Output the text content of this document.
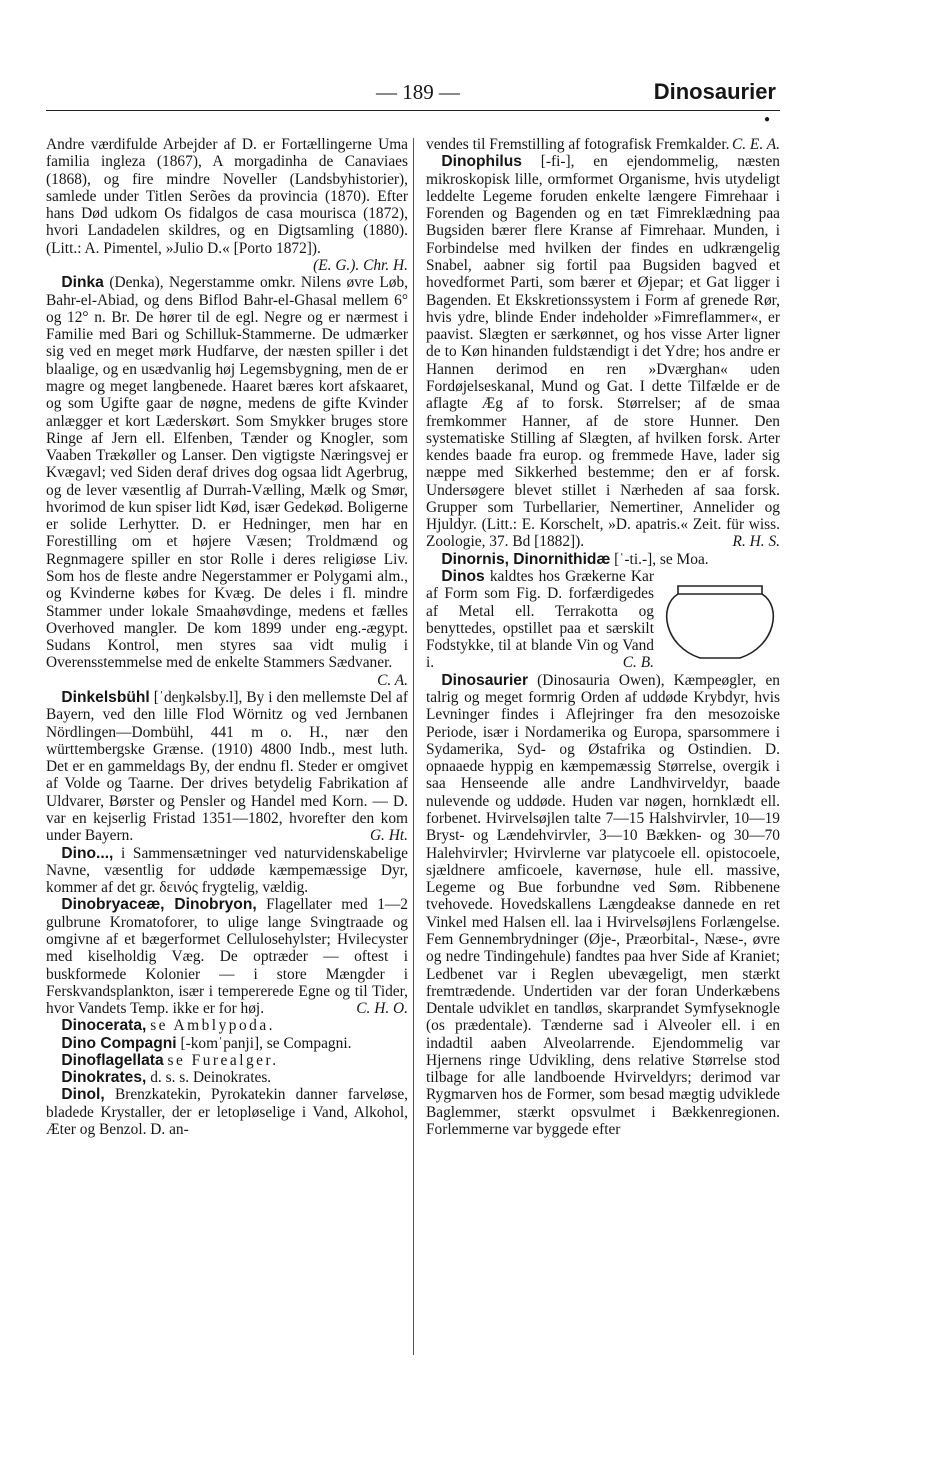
— 189 —	Dinosaurier
●

Andre værdifulde Arbejder af D. er Fortællingerne Uma familia ingleza (1867), A morgadinha de Canaviaes (1868), og fire mindre Noveller (Landsbyhistorier), samlede under Titlen Serões da provincia (1870). Efter hans Død udkom Os fidalgos de casa mourisca (1872), hvori Landadelen skildres, og en Digtsamling (1880). (Litt.: A. Pimentel, »Julio D.« [Porto 1872]).
(E. G.). Chr. H.

 Dinka (Denka), Negerstamme omkr. Nilens øvre Løb, Bahr-el-Abiad, og dens Biflod Bahr-el-Ghasal mellem 6° og 12° n. Br. De hører til de egl. Negre og er nærmest i Familie med Bari og Schilluk-Stammerne. De udmærker sig ved en meget mørk Hudfarve, der næsten spiller i det blaalige, og en usædvanlig høj Legemsbygning, men de er magre og meget langbenede. Haaret bæres kort afskaaret, og som Ugifte gaar de nøgne, medens de gifte Kvinder anlægger et kort Læderskørt. Som Smykker bruges store Ringe af Jern ell. Elfenben, Tænder og Knogler, som Vaaben Trækøller og Lanser. Den vigtigste Næringsvej er Kvægavl; ved Siden deraf drives dog ogsaa lidt Agerbrug, og de lever væsentlig af Durrah-Vælling, Mælk og Smør, hvorimod de kun spiser lidt Kød, især Gedekød. Boligerne er solide Lerhytter. D. er Hedninger, men har en Forestilling om et højere Væsen; Troldmænd og Regnmagere spiller en stor Rolle i deres religiøse Liv. Som hos de fleste andre Negerstammer er Polygami alm., og Kvinderne købes for Kvæg. De deles i fl. mindre Stammer under lokale Smaahøvdinge, medens et fælles Overhoved mangler. De kom 1899 under eng.-ægypt. Sudans Kontrol, men styres saa vidt mulig i Overensstemmelse med de enkelte Stammers Sædvaner.
C. A.

 Dinkelsbühl [ˈdeŋkəlsby.l], By i den mellemste Del af Bayern, ved den lille Flod Wörnitz og ved Jernbanen Nördlingen—Dombühl, 441 m o. H., nær den württembergske Grænse. (1910) 4800 Indb., mest luth. Det er en gammeldags By, der endnu fl. Steder er omgivet af Volde og Taarne. Der drives betydelig Fabrikation af Uldvarer, Børster og Pensler og Handel med Korn. — D. var en kejserlig Fristad 1351—1802, hvorefter den kom under Bayern.	G. Ht.

 Dino..., i Sammensætninger ved naturvidenskabelige Navne, væsentlig for uddøde kæmpemæssige Dyr, kommer af det gr. δεινός frygtelig, vældig.

 Dinobryaceæ, Dinobryon, Flagellater med 1—2 gulbrune Kromatoforer, to ulige lange Svingtraade og omgivne af et bægerformet Cellulosehylster; Hvilecyster med kiselholdig Væg. De optræder — oftest i buskformede Kolonier — i store Mængder i Ferskvandsplankton, især i tempererede Egne og til Tider, hvor Vandets Temp. ikke er for høj.	C. H. O.

 Dinocerata, se Amblypoda.

 Dino Compagni [-komˈpanji], se Compagni.

 Dinoflagellata se Furealger.

 Dinokrates, d. s. s. Deinokrates.

 Dinol, Brenzkatekin, Pyrokatekin danner farveløse, bladede Krystaller, der er letopløselige i Vand, Alkohol, Æter og Benzol. D. an-

vendes til Fremstilling af fotografisk Fremkalder. C. E. A.

 Dinophilus [-fi-], en ejendommelig, næsten mikroskopisk lille, ormformet Organisme, hvis utydeligt leddelte Legeme foruden enkelte længere Fimrehaar i Forenden og Bagenden og en tæt Fimreklædning paa Bugsiden bærer flere Kranse af Fimrehaar. Munden, i Forbindelse med hvilken der findes en udkrængelig Snabel, aabner sig fortil paa Bugsiden bagved et hovedformet Parti, som bærer et Øjepar; et Gat ligger i Bagenden. Et Ekskretionssystem i Form af grenede Rør, hvis ydre, blinde Ender indeholder »Fimreflammer«, er paavist. Slægten er særkønnet, og hos visse Arter ligner de to Køn hinanden fuldstændigt i det Ydre; hos andre er Hannen derimod en ren »Dværghan« uden Fordøjelseskanal, Mund og Gat. I dette Tilfælde er de aflagte Æg af to forsk. Størrelser; af de smaa fremkommer Hanner, af de store Hunner. Den systematiske Stilling af Slægten, af hvilken forsk. Arter kendes baade fra europ. og fremmede Have, lader sig næppe med Sikkerhed bestemme; den er af forsk. Undersøgere blevet stillet i Nærheden af saa forsk. Grupper som Turbellarier, Nemertiner, Annelider og Hjuldyr. (Litt.: E. Korschelt, »D. apatris.« Zeit. für wiss. Zoologie, 37. Bd [1882]).	R. H. S.

 Dinornis, Dinornithidæ [ˈ-ti.-], se Moa.

 Dinos kaldtes hos Grækerne Kar af Form som Fig. D. forfærdigedes af Metal ell. Terrakotta og benyttedes, opstillet paa et særskilt Fodstykke, til at blande Vin og Vand i.	C. B.

 Dinosaurier (Dinosauria Owen), Kæmpeøgler, en talrig og meget formrig Orden af uddøde Krybdyr, hvis Levninger findes i Aflejringer fra den mesozoiske Periode, især i Nordamerika og Europa, sparsommere i Sydamerika, Syd- og Østafrika og Ostindien. D. opnaaede hyppig en kæmpemæssig Størrelse, overgik i saa Henseende alle andre Landhvirveldyr, baade nulevende og uddøde. Huden var nøgen, hornklædt ell. forbenet. Hvirvelsøjlen talte 7—15 Halshvirvler, 10—19 Bryst- og Lændehvirvler, 3—10 Bækken- og 30—70 Halehvirvler; Hvirvlerne var platycoele ell. opistocoele, sjældnere amficoele, kavernøse, hule ell. massive, Legeme og Bue forbundne ved Søm. Ribbenene tvehovede. Hovedskallens Længdeakse dannede en ret Vinkel med Halsen ell. laa i Hvirvelsøjlens Forlængelse. Fem Gennembrydninger (Øje-, Præorbital-, Næse-, øvre og nedre Tindingehule) fandtes paa hver Side af Kraniet; Ledbenet var i Reglen ubevægeligt, men stærkt fremtrædende. Undertiden var der foran Underkæbens Dentale udviklet en tandløs, skarprandet Symfyseknogle (os prædentale). Tænderne sad i Alveoler ell. i en indadtil aaben Alveolarrende. Ejendommelig var Hjernens ringe Udvikling, dens relative Størrelse stod tilbage for alle landboende Hvirveldyrs; derimod var Rygmarven hos de Former, som besad mægtig udviklede Baglemmer, stærkt opsvulmet i Bækkenregionen. Forlemmerne var byggede efter
